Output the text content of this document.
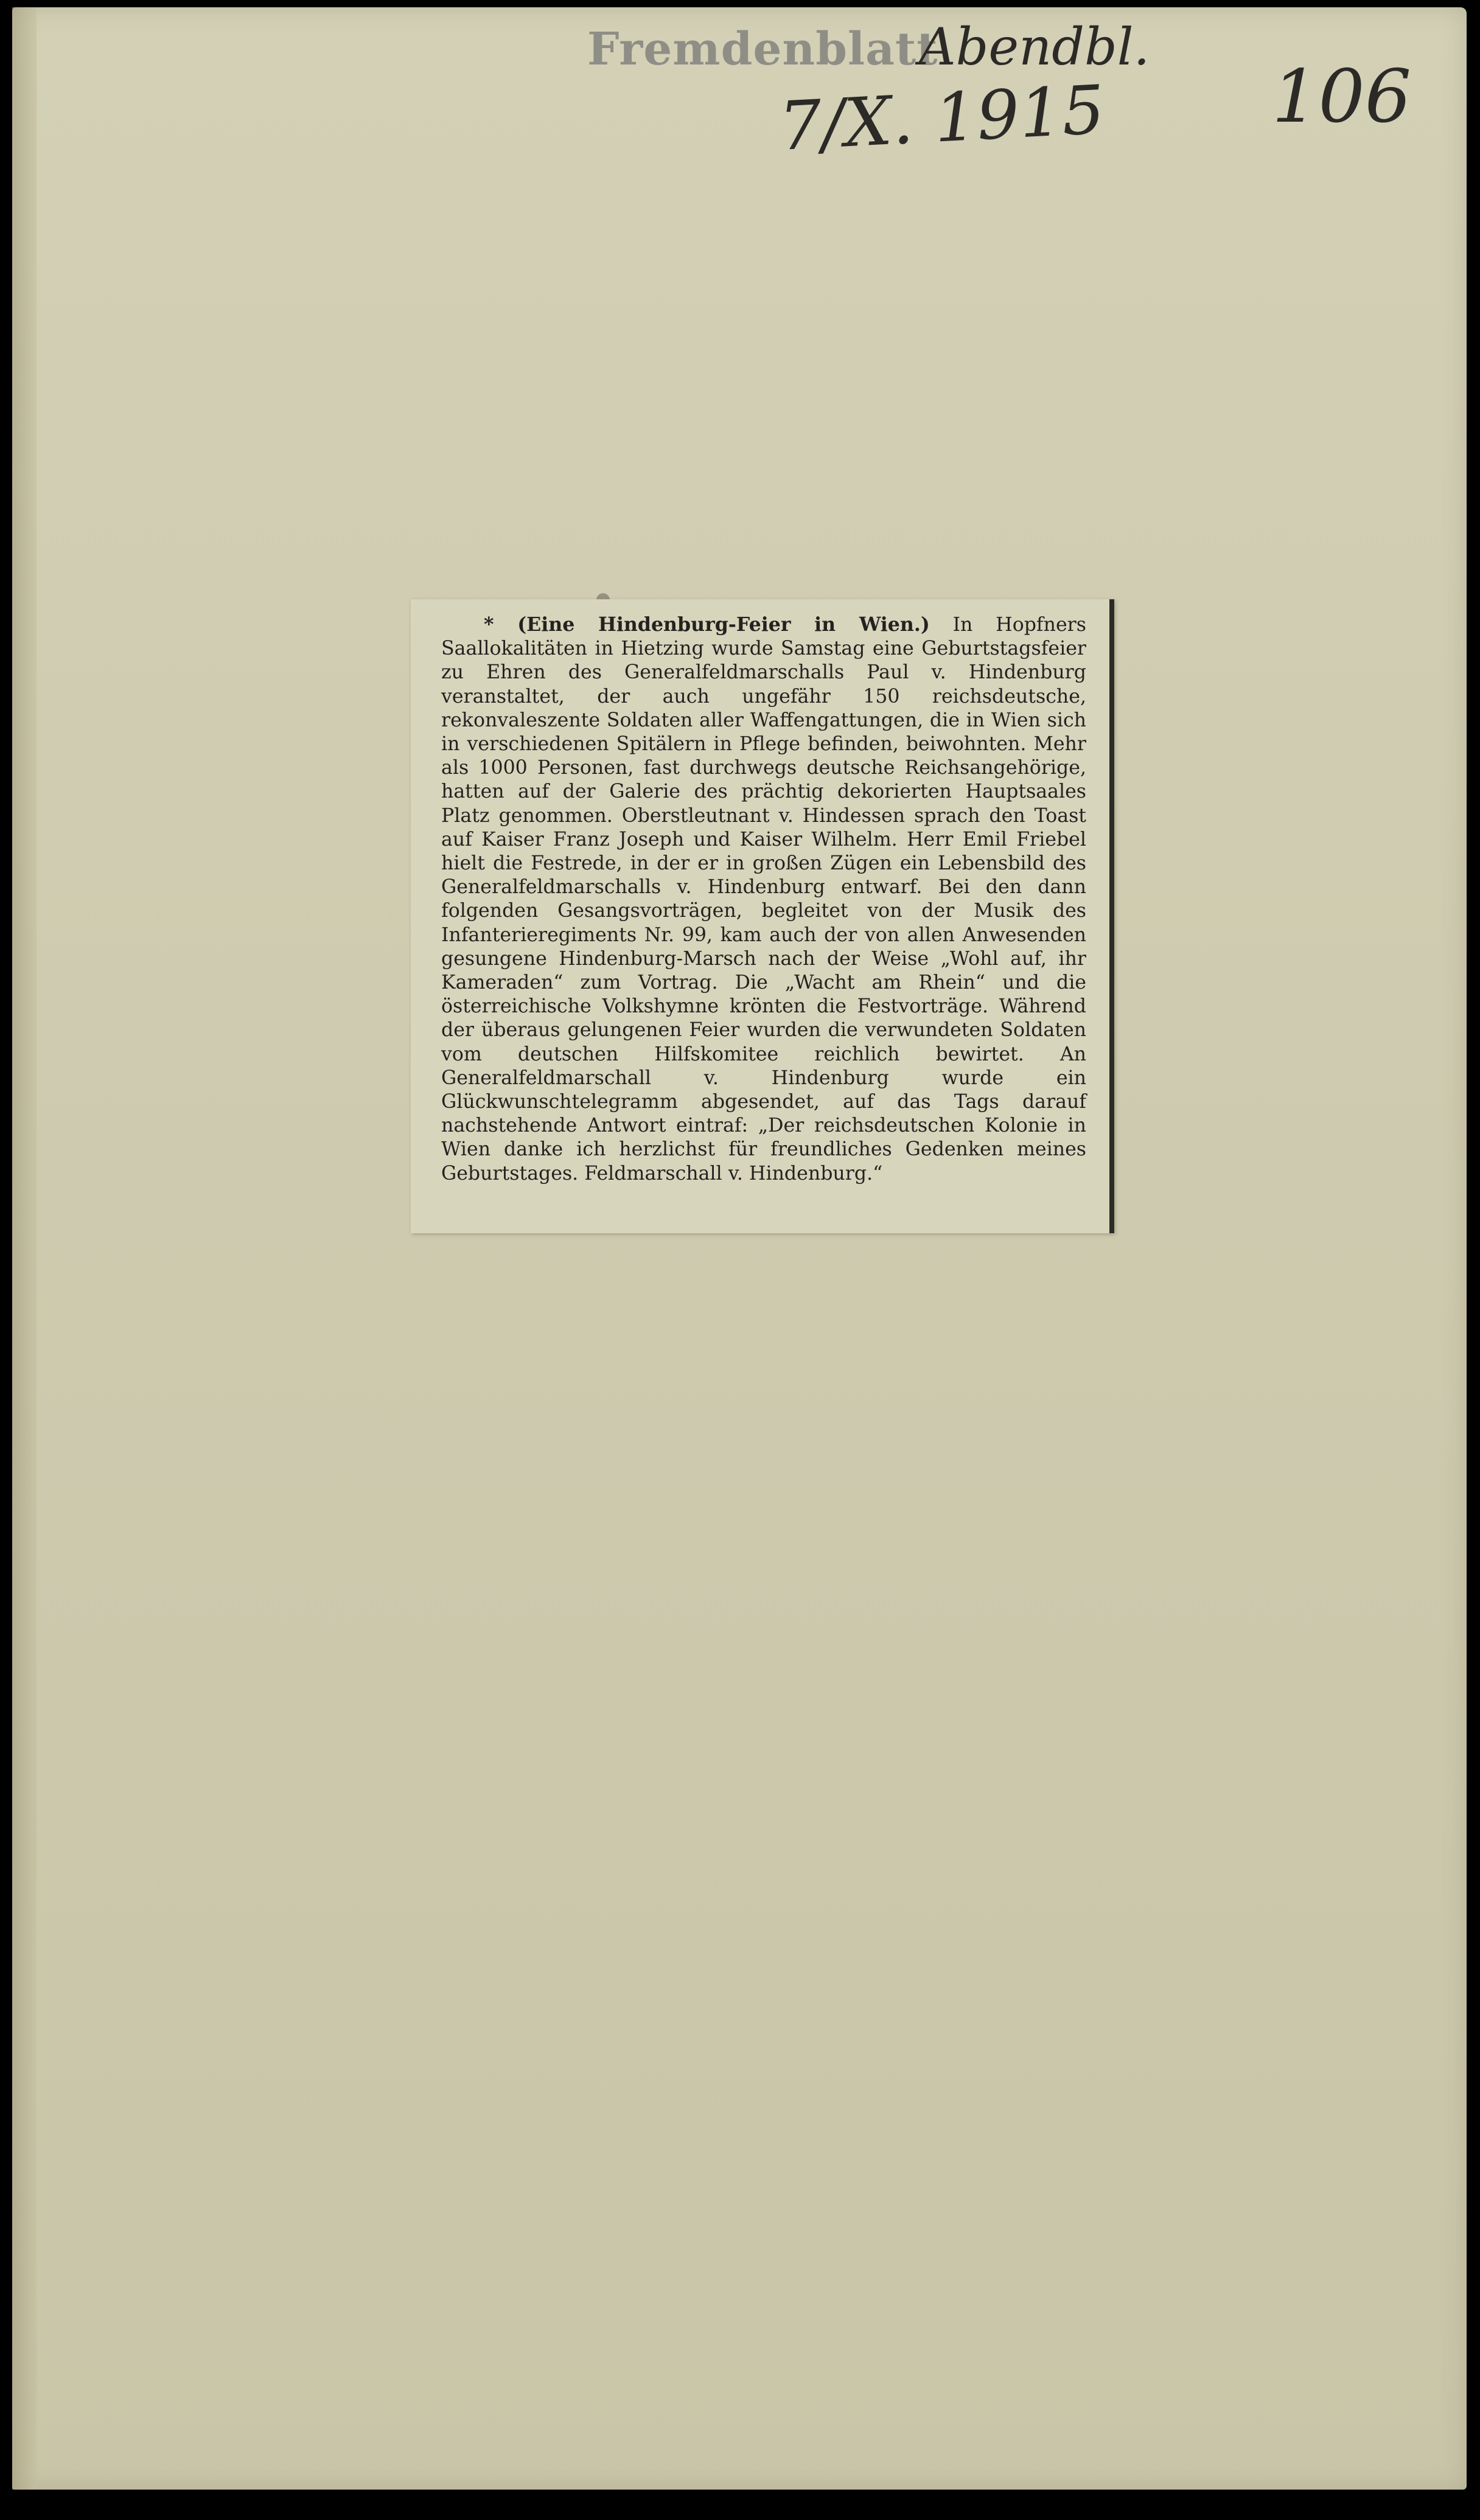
Fremdenblatt
Abendbl.
7/X. 1915 106

* (Eine Hindenburg-Feier in Wien.) In Hopfners Saallokalitäten in Hietzing wurde Samstag eine Geburtstagsfeier zu Ehren des Generalfeldmarschalls Paul v. Hindenburg veranstaltet, der auch ungefähr 150 reichsdeutsche, rekonvaleszente Soldaten aller Waffengattungen, die in Wien sich in verschiedenen Spitälern in Pflege befinden, beiwohnten. Mehr als 1000 Personen, fast durchwegs deutsche Reichsangehörige, hatten auf der Galerie des prächtig dekorierten Hauptsaales Platz genommen. Oberstleutnant v. Hindessen sprach den Toast auf Kaiser Franz Joseph und Kaiser Wilhelm. Herr Emil Friebel hielt die Festrede, in der er in großen Zügen ein Lebensbild des Generalfeldmarschalls v. Hindenburg entwarf. Bei den dann folgenden Gesangsvorträgen, begleitet von der Musik des Infanterieregiments Nr. 99, kam auch der von allen Anwesenden gesungene Hindenburg-Marsch nach der Weise „Wohl auf, ihr Kameraden“ zum Vortrag. Die „Wacht am Rhein“ und die österreichische Volkshymne krönten die Festvorträge. Während der überaus gelungenen Feier wurden die verwundeten Soldaten vom deutschen Hilfskomitee reichlich bewirtet. An Generalfeldmarschall v. Hindenburg wurde ein Glückwunschtelegramm abgesendet, auf das Tags darauf nachstehende Antwort eintraf: „Der reichsdeutschen Kolonie in Wien danke ich herzlichst für freundliches Gedenken meines Geburtstages. Feldmarschall v. Hindenburg.“
